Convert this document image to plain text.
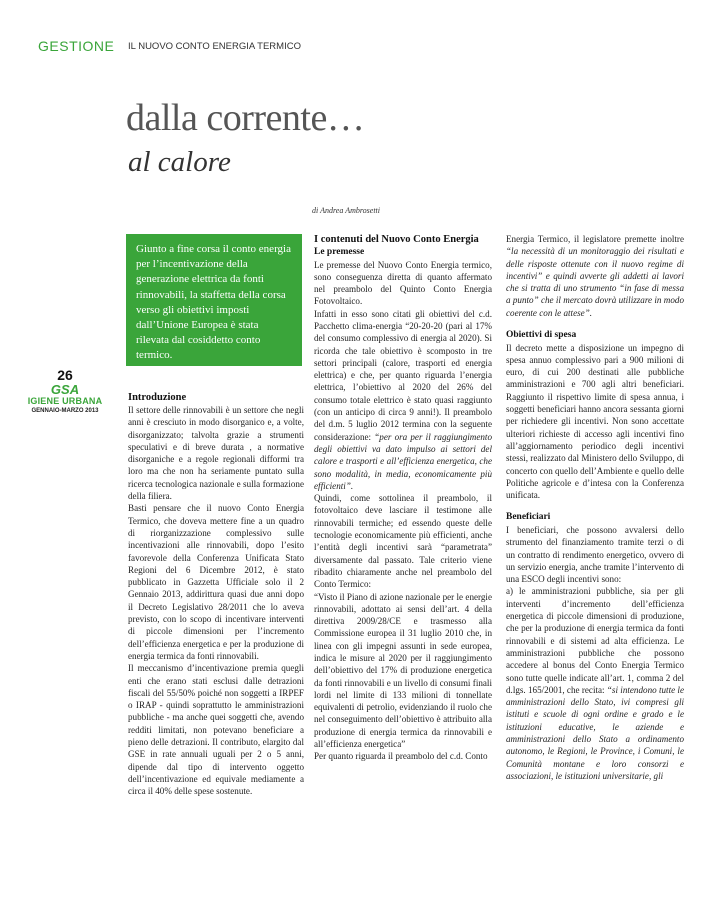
GESTIONE IL NUOVO CONTO ENERGIA TERMICO
dalla corrente…
al calore
di Andrea Ambrosetti
Giunto a fine corsa il conto energia per l’incentivazione della generazione elettrica da fonti rinnovabili, la staffetta della corsa verso gli obiettivi imposti dall’Unione Europea è stata rilevata dal cosiddetto conto termico.
26
GSA
IGIENE URBANA
GENNAIO-MARZO 2013
Introduzione

Il settore delle rinnovabili è un settore che negli anni è cresciuto in modo disorganico e, a volte, disorganizzato; talvolta grazie a strumenti speculativi e di breve durata , a normative disorganiche e a regole regionali difformi tra loro ma che non ha seriamente puntato sulla ricerca tecnologica nazionale e sulla formazione della filiera.

Basti pensare che il nuovo Conto Energia Termico, che doveva mettere fine a un quadro di riorganizzazione complessivo sulle incentivazioni alle rinnovabili, dopo l’esito favorevole della Conferenza Unificata Stato Regioni del 6 Dicembre 2012, è stato pubblicato in Gazzetta Ufficiale solo il 2 Gennaio 2013, addirittura quasi due anni dopo il Decreto Legislativo 28/2011 che lo aveva previsto, con lo scopo di incentivare interventi di piccole dimensioni per l’incremento dell’efficienza energetica e per la produzione di energia termica da fonti rinnovabili.

Il meccanismo d’incentivazione premia quegli enti che erano stati esclusi dalle detrazioni fiscali del 55/50% poiché non soggetti a IRPEF o IRAP - quindi soprattutto le amministrazioni pubbliche - ma anche quei soggetti che, avendo redditi limitati, non potevano beneficiare a pieno delle detrazioni. Il contributo, elargito dal GSE in rate annuali uguali per 2 o 5 anni, dipende dal tipo di intervento oggetto dell’incentivazione ed equivale mediamente a circa il 40% delle spese sostenute.

I contenuti del Nuovo Conto Energia
Le premesse

Le premesse del Nuovo Conto Energia termico, sono conseguenza diretta di quanto affermato nel preambolo del Quinto Conto Energia Fotovoltaico.

Infatti in esso sono citati gli obiettivi del c.d. Pacchetto clima-energia “20-20-20 (pari al 17% del consumo complessivo di energia al 2020). Si ricorda che tale obiettivo è scomposto in tre settori principali (calore, trasporti ed energia elettrica) e che, per quanto riguarda l’energia elettrica, l’obiettivo al 2020 del 26% del consumo totale elettrico è stato quasi raggiunto (con un anticipo di circa 9 anni!). Il preambolo del d.m. 5 luglio 2012 termina con la seguente considerazione: “per ora per il raggiungimento degli obiettivi va dato impulso ai settori del calore e trasporti e all’efficienza energetica, che sono modalità, in media, economicamente più efficienti”.

Quindi, come sottolinea il preambolo, il fotovoltaico deve lasciare il testimone alle rinnovabili termiche; ed essendo queste delle tecnologie economicamente più efficienti, anche l’entità degli incentivi sarà “parametrata” diversamente dal passato. Tale criterio viene ribadito chiaramente anche nel preambolo del Conto Termico:

“Visto il Piano di azione nazionale per le energie rinnovabili, adottato ai sensi dell’art. 4 della direttiva 2009/28/CE e trasmesso alla Commissione europea il 31 luglio 2010 che, in linea con gli impegni assunti in sede europea, indica le misure al 2020 per il raggiungimento dell’obiettivo del 17% di produzione energetica da fonti rinnovabili e un livello di consumi finali lordi nel limite di 133 milioni di tonnellate equivalenti di petrolio, evidenziando il ruolo che nel conseguimento dell’obiettivo è attribuito alla produzione di energia termica da rinnovabili e all’efficienza energetica”

Per quanto riguarda il preambolo del c.d. Conto

Energia Termico, il legislatore premette inoltre “la necessità di un monitoraggio dei risultati e delle risposte ottenute con il nuovo regime di incentivi” e quindi avverte gli addetti ai lavori che si tratta di uno strumento “in fase di messa a punto” che il mercato dovrà utilizzare in modo coerente con le attese”.

Obiettivi di spesa

Il decreto mette a disposizione un impegno di spesa annuo complessivo pari a 900 milioni di euro, di cui 200 destinati alle pubbliche amministrazioni e 700 agli altri beneficiari. Raggiunto il rispettivo limite di spesa annua, i soggetti beneficiari hanno ancora sessanta giorni per richiedere gli incentivi. Non sono accettate ulteriori richieste di accesso agli incentivi fino all’aggiornamento periodico degli incentivi stessi, realizzato dal Ministero dello Sviluppo, di concerto con quello dell’Ambiente e quello delle Politiche agricole e d’intesa con la Conferenza unificata.

Beneficiari

I beneficiari, che possono avvalersi dello strumento del finanziamento tramite terzi o di un contratto di rendimento energetico, ovvero di un servizio energia, anche tramite l’intervento di una ESCO degli incentivi sono:

a) le amministrazioni pubbliche, sia per gli interventi d’incremento dell’efficienza energetica di piccole dimensioni di produzione, che per la produzione di energia termica da fonti rinnovabili e di sistemi ad alta efficienza. Le amministrazioni pubbliche che possono accedere al bonus del Conto Energia Termico sono tutte quelle indicate all’art. 1, comma 2 del d.lgs. 165/2001, che recita: “si intendono tutte le amministrazioni dello Stato, ivi compresi gli istituti e scuole di ogni ordine e grado e le istituzioni educative, le aziende e amministrazioni dello Stato a ordinamento autonomo, le Regioni, le Province, i Comuni, le Comunità montane e loro consorzi e associazioni, le istituzioni universitarie, gli
